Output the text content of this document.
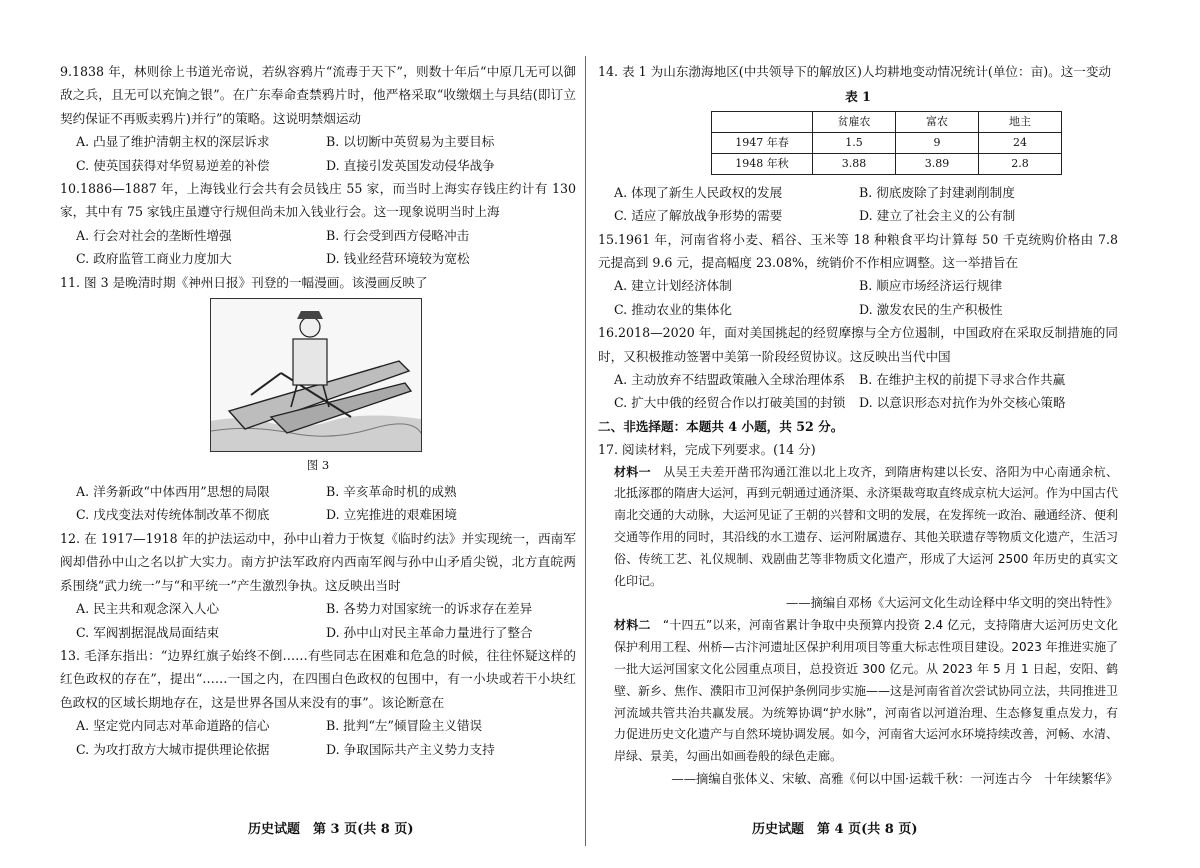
9.1838 年，林则徐上书道光帝说，若纵容鸦片“流毒于天下”，则数十年后“中原几无可以御敌之兵，且无可以充饷之银”。在广东奉命查禁鸦片时，他严格采取“收缴烟土与具结(即订立契约保证不再贩卖鸦片)并行”的策略。这说明禁烟运动

A. 凸显了维护清朝主权的深层诉求	B. 以切断中英贸易为主要目标
C. 使英国获得对华贸易逆差的补偿	D. 直接引发英国发动侵华战争

10.1886—1887 年，上海钱业行会共有会员钱庄 55 家，而当时上海实存钱庄约计有 130 家，其中有 75 家钱庄虽遵守行规但尚未加入钱业行会。这一现象说明当时上海

A. 行会对社会的垄断性增强	B. 行会受到西方侵略冲击
C. 政府监管工商业力度加大	D. 钱业经营环境较为宽松

11. 图 3 是晚清时期《神州日报》刊登的一幅漫画。该漫画反映了

图 3

A. 洋务新政“中体西用”思想的局限	B. 辛亥革命时机的成熟
C. 戊戌变法对传统体制改革不彻底	D. 立宪推进的艰难困境

12. 在 1917—1918 年的护法运动中，孙中山着力于恢复《临时约法》并实现统一，西南军阀却借孙中山之名以扩大实力。南方护法军政府内西南军阀与孙中山矛盾尖锐，北方直皖两系围绕“武力统一”与“和平统一”产生激烈争执。这反映出当时

A. 民主共和观念深入人心	B. 各势力对国家统一的诉求存在差异
C. 军阀割据混战局面结束	D. 孙中山对民主革命力量进行了整合

13. 毛泽东指出：“边界红旗子始终不倒……有些同志在困难和危急的时候，往往怀疑这样的红色政权的存在”，提出“……一国之内，在四围白色政权的包围中，有一小块或若干小块红色政权的区域长期地存在，这是世界各国从来没有的事”。该论断意在

A. 坚定党内同志对革命道路的信心	B. 批判“左”倾冒险主义错误
C. 为攻打敌方大城市提供理论依据	D. 争取国际共产主义势力支持

14. 表 1 为山东渤海地区(中共领导下的解放区)人均耕地变动情况统计(单位：亩)。这一变动

表 1

	贫雇农	富农	地主
1947 年春	1.5	9	24
1948 年秋	3.88	3.89	2.8
A. 体现了新生人民政权的发展	B. 彻底废除了封建剥削制度
C. 适应了解放战争形势的需要	D. 建立了社会主义的公有制

15.1961 年，河南省将小麦、稻谷、玉米等 18 种粮食平均计算每 50 千克统购价格由 7.8 元提高到 9.6 元，提高幅度 23.08%，统销价不作相应调整。这一举措旨在

A. 建立计划经济体制	B. 顺应市场经济运行规律
C. 推动农业的集体化	D. 激发农民的生产积极性

16.2018—2020 年，面对美国挑起的经贸摩擦与全方位遏制，中国政府在采取反制措施的同时，又积极推动签署中美第一阶段经贸协议。这反映出当代中国

A. 主动放弃不结盟政策融入全球治理体系	B. 在维护主权的前提下寻求合作共赢
C. 扩大中俄的经贸合作以打破美国的封锁	D. 以意识形态对抗作为外交核心策略

二、非选择题：本题共 4 小题，共 52 分。

17. 阅读材料，完成下列要求。(14 分)

材料一　 从吴王夫差开凿邗沟通江淮以北上攻齐，到隋唐构建以长安、洛阳为中心南通余杭、北抵涿郡的隋唐大运河，再到元朝通过通济渠、永济渠裁弯取直终成京杭大运河。作为中国古代南北交通的大动脉，大运河见证了王朝的兴替和文明的发展，在发挥统一政治、融通经济、便利交通等作用的同时，其沿线的水工遗存、运河附属遗存、其他关联遗存等物质文化遗产，生活习俗、传统工艺、礼仪规制、戏剧曲艺等非物质文化遗产，形成了大运河 2500 年历史的真实文化印记。

——摘编自邓杨《大运河文化生动诠释中华文明的突出特性》

材料二　 “十四五”以来，河南省累计争取中央预算内投资 2.4 亿元，支持隋唐大运河历史文化保护利用工程、州桥—古汴河遗址区保护利用项目等重大标志性项目建设。2023 年推进实施了一批大运河国家文化公园重点项目，总投资近 300 亿元。从 2023 年 5 月 1 日起，安阳、鹤壁、新乡、焦作、濮阳市卫河保护条例同步实施——这是河南省首次尝试协同立法，共同推进卫河流域共管共治共赢发展。为统筹协调“护水脉”，河南省以河道治理、生态修复重点发力，有力促进历史文化遗产与自然环境协调发展。如今，河南省大运河水环境持续改善，河畅、水清、岸绿、景美，勾画出如画卷般的绿色走廊。

——摘编自张体义、宋敏、高雅《何以中国·运载千秋：一河连古今　十年续繁华》

历史试题　第 3 页(共 8 页)	历史试题　第 4 页(共 8 页)
